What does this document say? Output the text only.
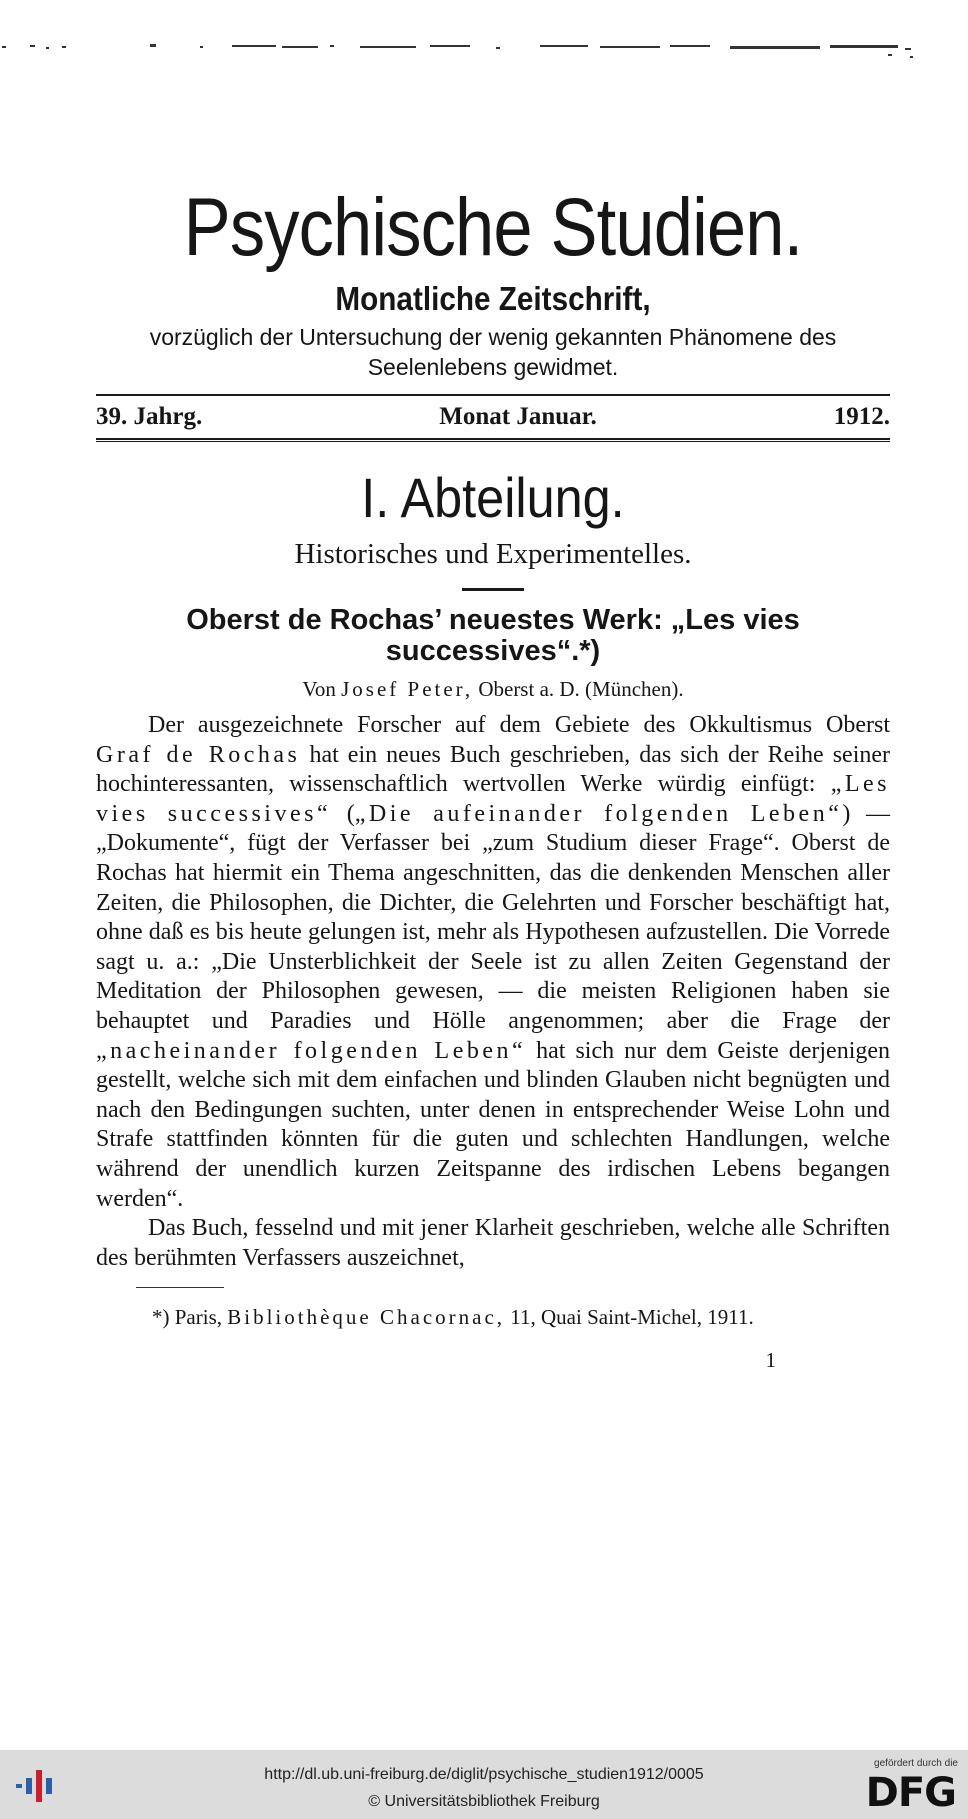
Psychische Studien.
Monatliche Zeitschrift,
vorzüglich der Untersuchung der wenig gekannten Phänomene des
Seelenlebens gewidmet.
39. Jahrg.	Monat Januar.	1912.
I. Abteilung.
Historisches und Experimentelles.
Oberst de Rochas’ neuestes Werk: „Les vies
successives“.*)
Von Josef Peter, Oberst a. D. (München).

Der ausgezeichnete Forscher auf dem Gebiete des Okkultismus Oberst Graf de Rochas hat ein neues Buch geschrieben, das sich der Reihe seiner hochinteressanten, wissenschaftlich wertvollen Werke würdig einfügt: „Les vies successives“ („Die aufeinander folgenden Leben“) — „Dokumente“, fügt der Verfasser bei „zum Studium dieser Frage“. Oberst de Rochas hat hiermit ein Thema angeschnitten, das die denkenden Menschen aller Zeiten, die Philosophen, die Dichter, die Gelehrten und Forscher beschäftigt hat, ohne daß es bis heute gelungen ist, mehr als Hypothesen aufzustellen. Die Vorrede sagt u. a.: „Die Unsterblichkeit der Seele ist zu allen Zeiten Gegenstand der Meditation der Philosophen gewesen, — die meisten Religionen haben sie behauptet und Paradies und Hölle angenommen; aber die Frage der „nacheinander folgenden Leben“ hat sich nur dem Geiste derjenigen gestellt, welche sich mit dem einfachen und blinden Glauben nicht begnügten und nach den Bedingungen suchten, unter denen in entsprechender Weise Lohn und Strafe stattfinden könnten für die guten und schlechten Handlungen, welche während der unendlich kurzen Zeitspanne des irdischen Lebens begangen werden“.

Das Buch, fesselnd und mit jener Klarheit geschrieben, welche alle Schriften des berühmten Verfassers auszeichnet,

*) Paris, Bibliothèque Chacornac, 11, Quai Saint-Michel, 1911.
1
http://dl.ub.uni-freiburg.de/diglit/psychische_studien1912/0005
© Universitätsbibliothek Freiburg
gefördert durch die
DFG
